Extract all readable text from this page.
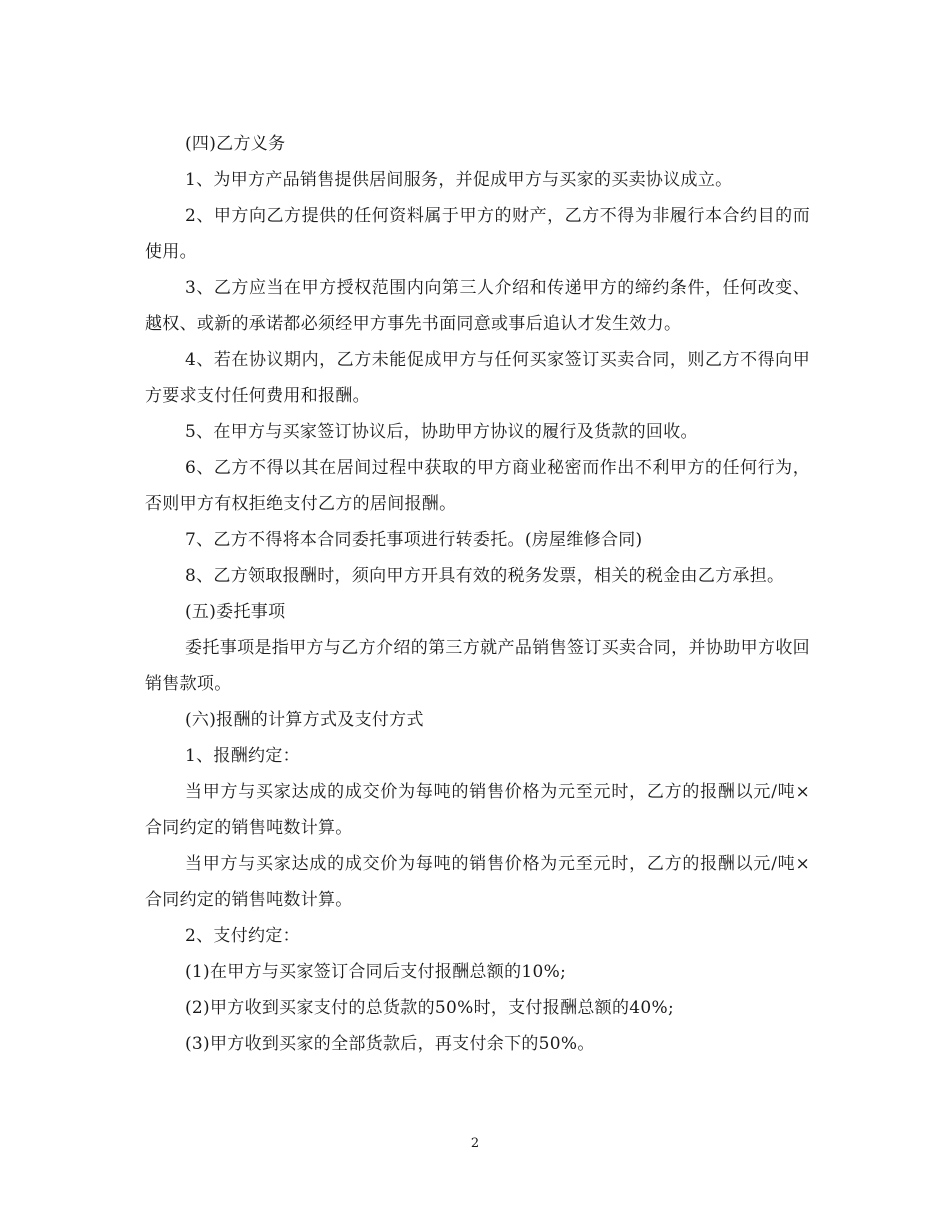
(四)乙方义务

1、为甲方产品销售提供居间服务，并促成甲方与买家的买卖协议成立。

2、甲方向乙方提供的任何资料属于甲方的财产，乙方不得为非履行本合约目的而使用。

3、乙方应当在甲方授权范围内向第三人介绍和传递甲方的缔约条件，任何改变、越权、或新的承诺都必须经甲方事先书面同意或事后追认才发生效力。

4、若在协议期内，乙方未能促成甲方与任何买家签订买卖合同，则乙方不得向甲方要求支付任何费用和报酬。

5、在甲方与买家签订协议后，协助甲方协议的履行及货款的回收。

6、乙方不得以其在居间过程中获取的甲方商业秘密而作出不利甲方的任何行为，否则甲方有权拒绝支付乙方的居间报酬。

7、乙方不得将本合同委托事项进行转委托。(房屋维修合同)

8、乙方领取报酬时，须向甲方开具有效的税务发票，相关的税金由乙方承担。

(五)委托事项

委托事项是指甲方与乙方介绍的第三方就产品销售签订买卖合同，并协助甲方收回销售款项。

(六)报酬的计算方式及支付方式

1、报酬约定：

当甲方与买家达成的成交价为每吨的销售价格为元至元时，乙方的报酬以元/吨×合同约定的销售吨数计算。

当甲方与买家达成的成交价为每吨的销售价格为元至元时，乙方的报酬以元/吨×合同约定的销售吨数计算。

2、支付约定：

(1)在甲方与买家签订合同后支付报酬总额的10%;

(2)甲方收到买家支付的总货款的50%时，支付报酬总额的40%;

(3)甲方收到买家的全部货款后，再支付余下的50%。

2
